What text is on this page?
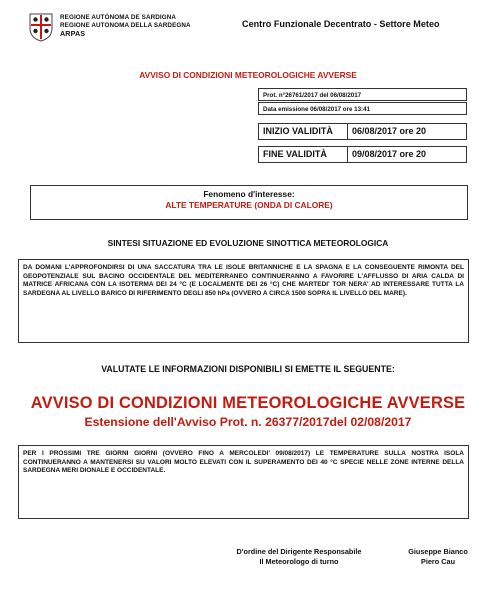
REGIONE AUTÒNOMA DE SARDIGNA
REGIONE AUTONOMA DELLA SARDEGNA
ARPAS
Centro Funzionale Decentrato - Settore Meteo
AVVISO DI CONDIZIONI METEOROLOGICHE AVVERSE
Prot. n°26761/2017 del 06/08/2017
Data emissione 06/08/2017 ore 13:41
INIZIO VALIDITÀ	06/08/2017 ore 20
FINE VALIDITÀ	09/08/2017 ore 20
Fenomeno d'interesse:
ALTE TEMPERATURE (ONDA DI CALORE)
SINTESI SITUAZIONE ED EVOLUZIONE SINOTTICA METEOROLOGICA
DA DOMANI L'APPROFONDIRSI DI UNA SACCATURA TRA LE ISOLE BRITANNICHE E LA SPAGNA E LA CONSEGUENTE RIMONTA DEL GEOPOTENZIALE SUL BACINO OCCIDENTALE DEL MEDITERRANEO CONTINUERANNO A FAVORIRE L'AFFLUSSO DI ARIA CALDA DI MATRICE AFRICANA CON LA ISOTERMA DEI 24 °C (E LOCALMENTE DEI 26 °C) CHE MARTEDI' TOR NERA' AD INTERESSARE TUTTA LA SARDEGNA AL LIVELLO BARICO DI RIFERIMENTO DEGLI 850 hPa (OVVERO A CIRCA 1500 SOPRA IL LIVELLO DEL MARE).
VALUTATE LE INFORMAZIONI DISPONIBILI SI EMETTE IL SEGUENTE:
AVVISO DI CONDIZIONI METEOROLOGICHE AVVERSE
Estensione dell'Avviso Prot. n. 26377/2017del 02/08/2017
PER I PROSSIMI TRE GIORNI GIORNI (OVVERO FINO A MERCOLEDI' 09/08/2017) LE TEMPERATURE SULLA NOSTRA ISOLA CONTINUERANNO A MANTENERSI SU VALORI MOLTO ELEVATI CON IL SUPERAMENTO DEI 40 °C SPECIE NELLE ZONE INTERNE DELLA SARDEGNA MERI DIONALE E OCCIDENTALE.
D'ordine del Dirigente Responsabile
Il Meteorologo di turno
Giuseppe Bianco
Piero Cau
